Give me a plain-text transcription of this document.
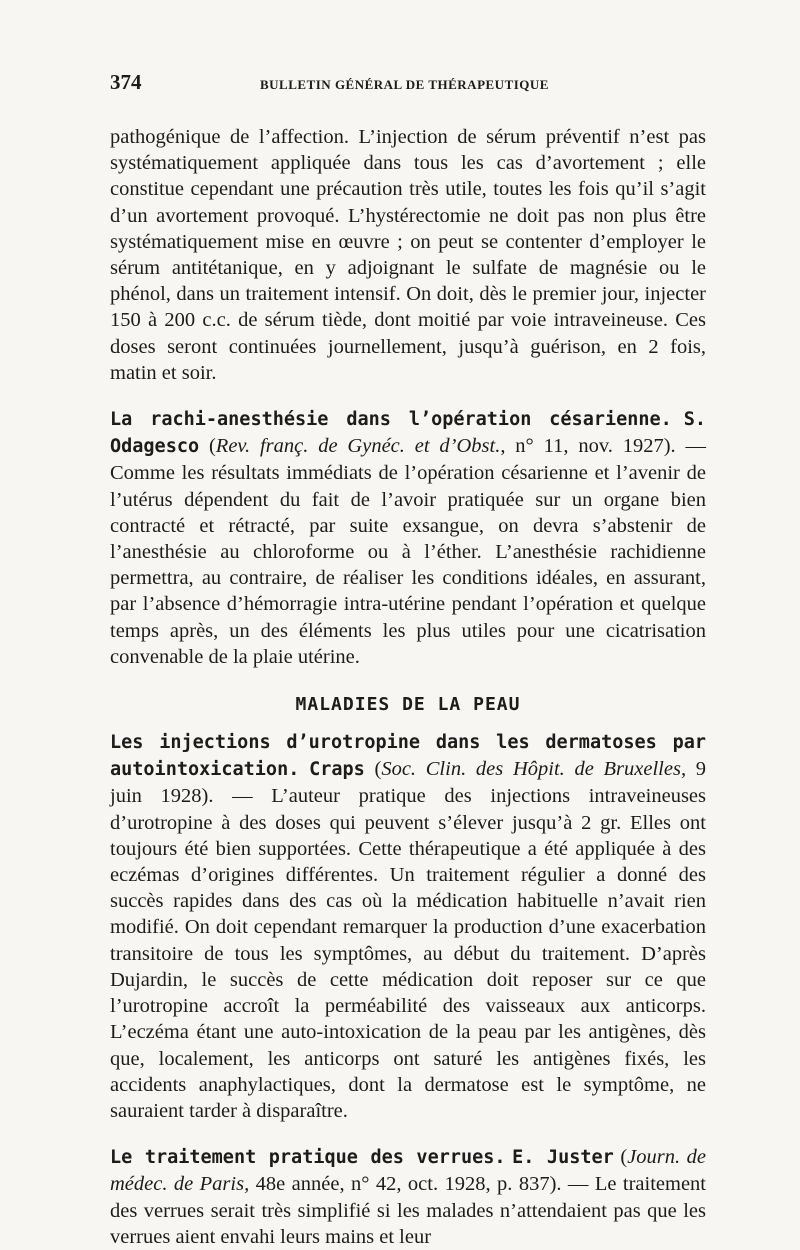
374	BULLETIN GÉNÉRAL DE THÉRAPEUTIQUE

pathogénique de l’affection. L’injection de sérum préventif n’est pas systématiquement appliquée dans tous les cas d’avortement ; elle constitue cependant une précaution très utile, toutes les fois qu’il s’agit d’un avortement provoqué. L’hystérectomie ne doit pas non plus être systématiquement mise en œuvre ; on peut se contenter d’employer le sérum antitétanique, en y adjoignant le sulfate de magnésie ou le phénol, dans un traitement intensif. On doit, dès le premier jour, injecter 150 à 200 c.c. de sérum tiède, dont moitié par voie intraveineuse. Ces doses seront continuées journellement, jusqu’à guérison, en 2 fois, matin et soir.

La rachi-anesthésie dans l’opération césarienne. S. Odagesco (Rev. franç. de Gynéc. et d’Obst., n° 11, nov. 1927). — Comme les résultats immédiats de l’opération césarienne et l’avenir de l’utérus dépendent du fait de l’avoir pratiquée sur un organe bien contracté et rétracté, par suite exsangue, on devra s’abstenir de l’anesthésie au chloroforme ou à l’éther. L’anesthésie rachidienne permettra, au contraire, de réaliser les conditions idéales, en assurant, par l’absence d’hémorragie intra-utérine pendant l’opération et quelque temps après, un des éléments les plus utiles pour une cicatrisation convenable de la plaie utérine.

MALADIES DE LA PEAU

Les injections d’urotropine dans les dermatoses par autointoxication. Craps (Soc. Clin. des Hôpit. de Bruxelles, 9 juin 1928). — L’auteur pratique des injections intraveineuses d’urotropine à des doses qui peuvent s’élever jusqu’à 2 gr. Elles ont toujours été bien supportées. Cette thérapeutique a été appliquée à des eczémas d’origines différentes. Un traitement régulier a donné des succès rapides dans des cas où la médication habituelle n’avait rien modifié. On doit cependant remarquer la production d’une exacerbation transitoire de tous les symptômes, au début du traitement. D’après Dujardin, le succès de cette médication doit reposer sur ce que l’urotropine accroît la perméabilité des vaisseaux aux anticorps. L’eczéma étant une auto-intoxication de la peau par les antigènes, dès que, localement, les anticorps ont saturé les antigènes fixés, les accidents anaphylactiques, dont la dermatose est le symptôme, ne sauraient tarder à disparaître.

Le traitement pratique des verrues. E. Juster (Journ. de médec. de Paris, 48e année, n° 42, oct. 1928, p. 837). — Le traitement des verrues serait très simplifié si les malades n’attendaient pas que les verrues aient envahi leurs mains et leur
